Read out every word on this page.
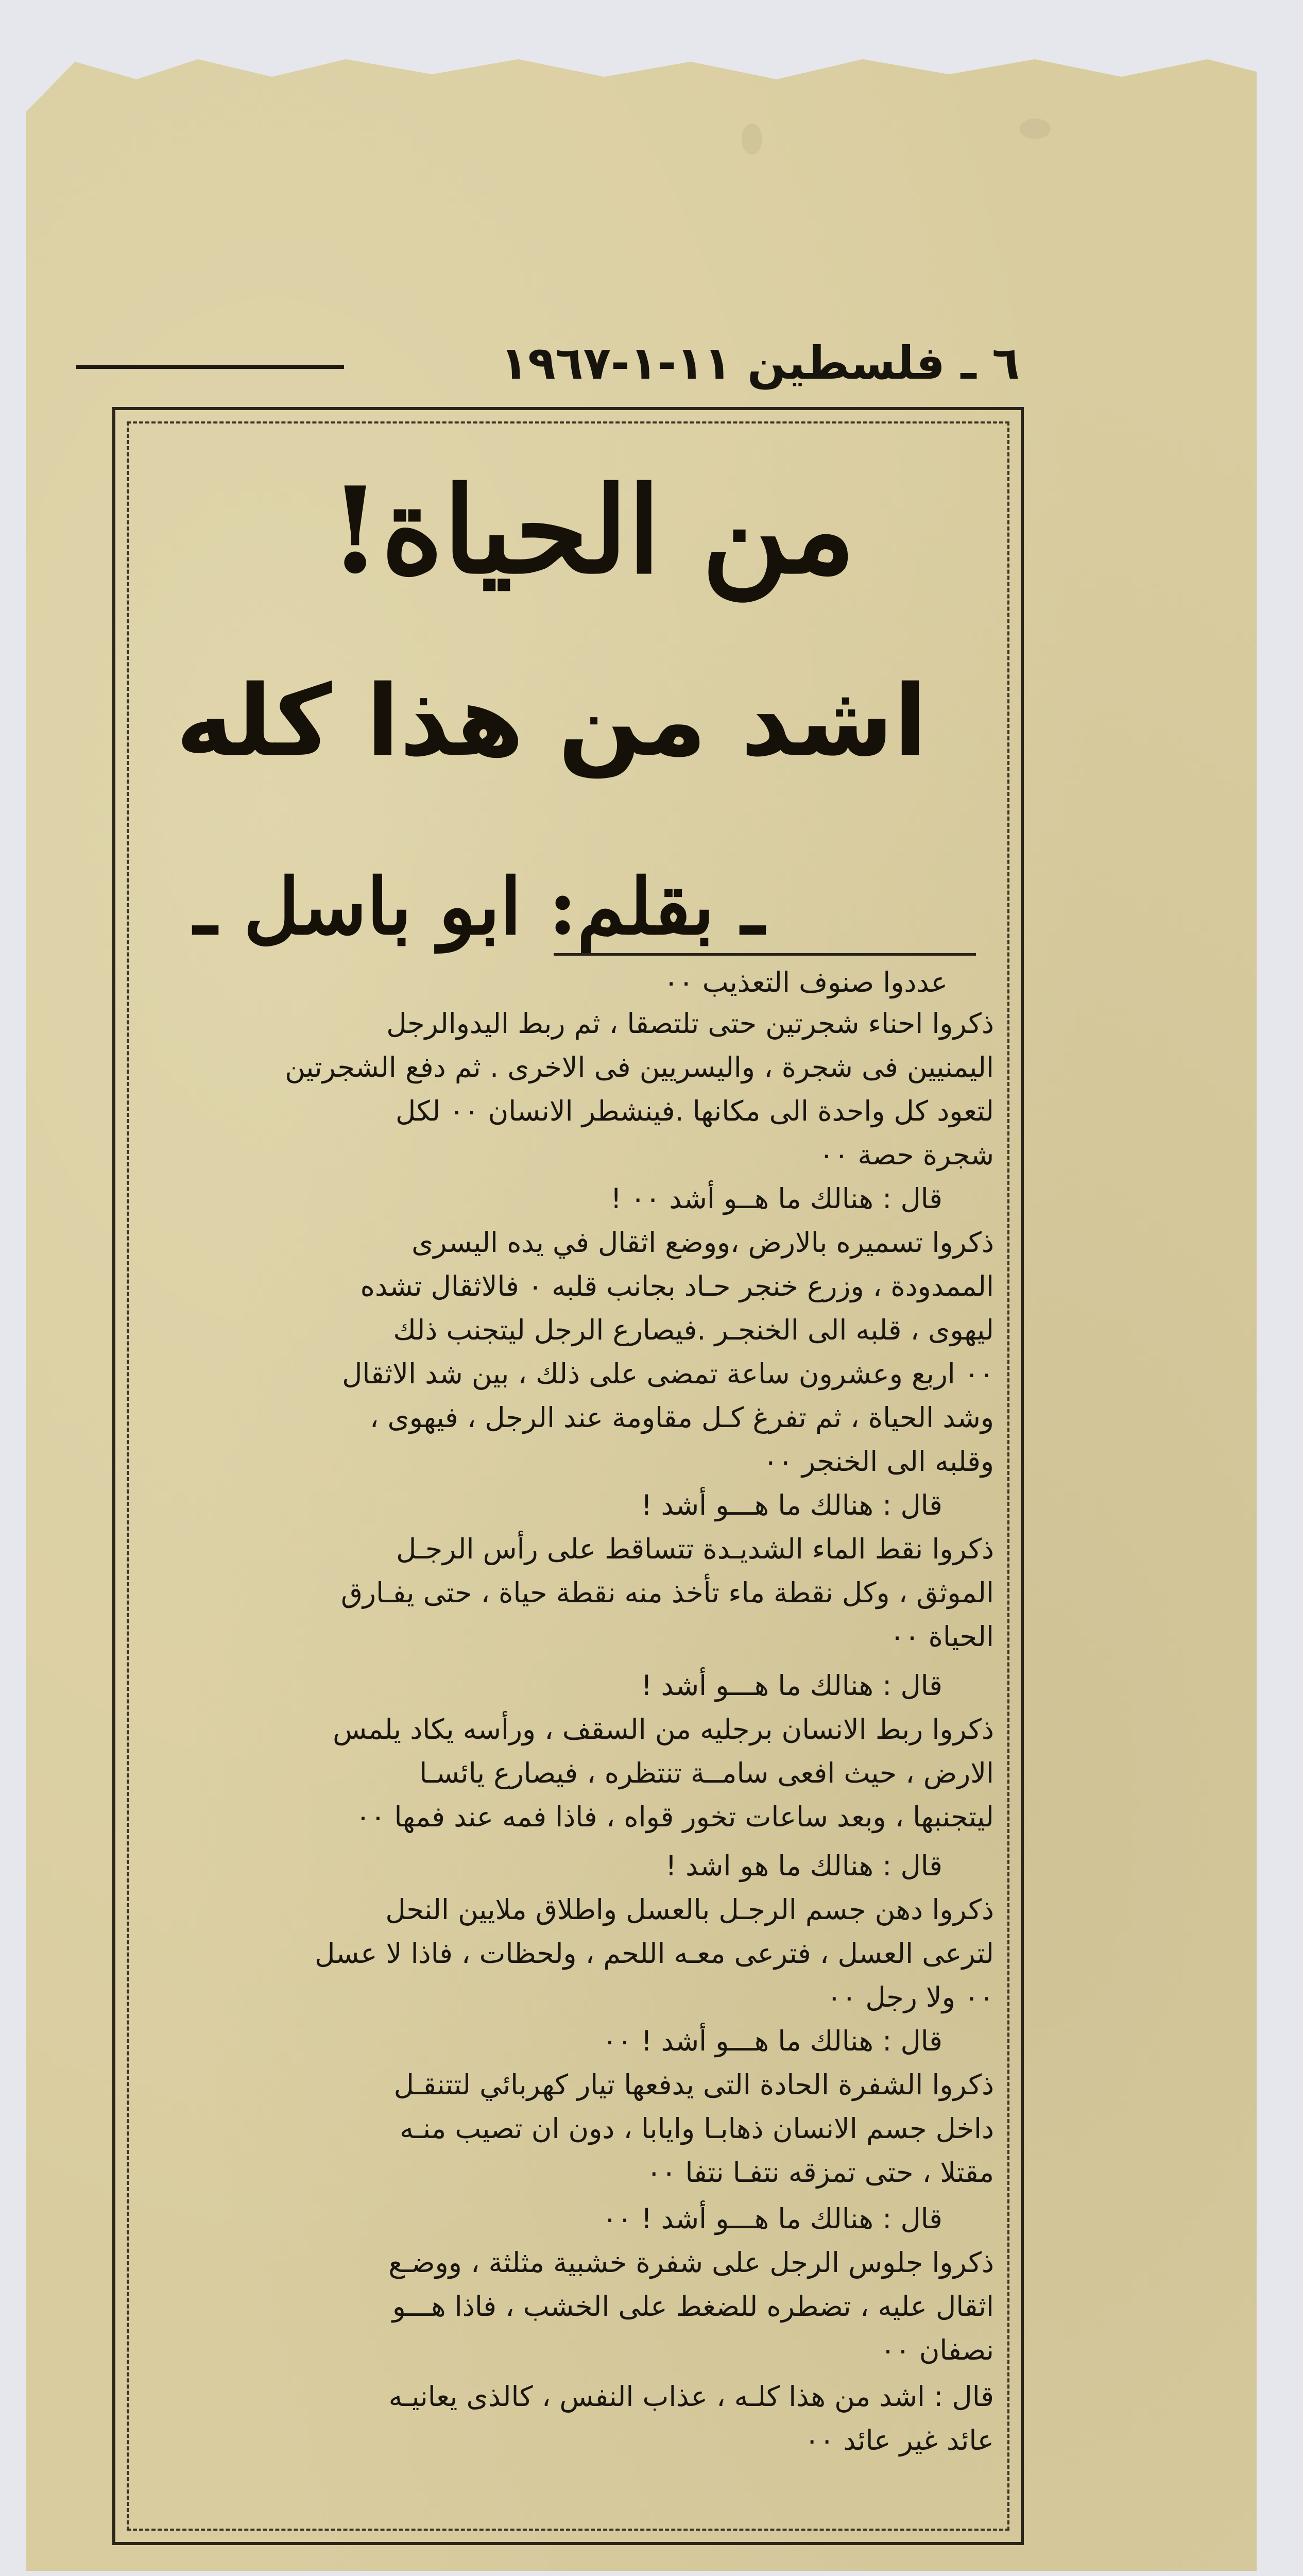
٦ ـ فلسطين ١١-١-١٩٦٧
من الحياة!
اشد من هذا كله
ـ بقلم: ابو باسل ـ
عددوا صنوف التعذيب ٠٠
ذكروا احناء شجرتين حتى تلتصقا ، ثم ربط اليدوالرجل
اليمنيين فى شجرة ، واليسريين فى الاخرى . ثم دفع الشجرتين
لتعود كل واحدة الى مكانها .فينشطر الانسان ٠٠ لكل
شجرة حصة ٠٠
قال : هنالك ما هــو أشد ٠٠ !
ذكروا تسميره بالارض ،ووضع اثقال في يده اليسرى
الممدودة ، وزرع خنجر حـاد بجانب قلبه ٠ فالاثقال تشده
ليهوى ، قلبه الى الخنجـر .فيصارع الرجل ليتجنب ذلك
٠٠ اربع وعشرون ساعة تمضى على ذلك ، بين شد الاثقال
وشد الحياة ، ثم تفرغ كـل مقاومة عند الرجل ، فيهوى ،
وقلبه الى الخنجر ٠٠
قال : هنالك ما هـــو أشد !
ذكروا نقط الماء الشديـدة تتساقط على رأس الرجـل
الموثق ، وكل نقطة ماء تأخذ منه نقطة حياة ، حتى يفـارق
الحياة ٠٠
قال : هنالك ما هـــو أشد !
ذكروا ربط الانسان برجليه من السقف ، ورأسه يكاد يلمس
الارض ، حيث افعى سامــة تنتظره ، فيصارع يائسـا
ليتجنبها ، وبعد ساعات تخور قواه ، فاذا فمه عند فمها ٠٠
قال : هنالك ما هو اشد !
ذكروا دهن جسم الرجـل بالعسل واطلاق ملايين النحل
لترعى العسل ، فترعى معـه اللحم ، ولحظات ، فاذا لا عسل
٠٠ ولا رجل ٠٠
قال : هنالك ما هـــو أشد ! ٠٠
ذكروا الشفرة الحادة التى يدفعها تيار كهربائي لتتنقـل
داخل جسم الانسان ذهابـا وايابا ، دون ان تصيب منـه
مقتلا ، حتى تمزقه نتفـا نتفا ٠٠
قال : هنالك ما هـــو أشد ! ٠٠
ذكروا جلوس الرجل على شفرة خشبية مثلثة ، ووضـع
اثقال عليه ، تضطره للضغط على الخشب ، فاذا هـــو
نصفان ٠٠
قال : اشد من هذا كلـه ، عذاب النفس ، كالذى يعانيـه
عائد غير عائد ٠٠
